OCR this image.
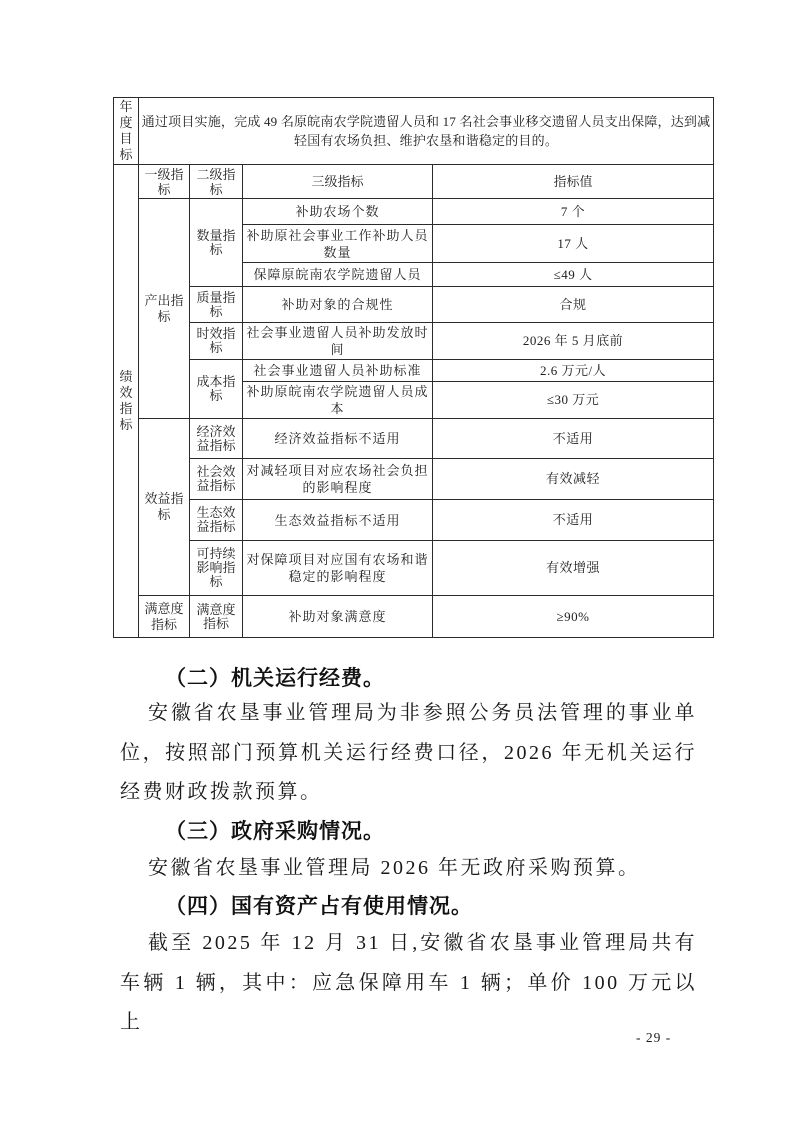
年度目标	通过项目实施，完成 49 名原皖南农学院遗留人员和 17 名社会事业移交遗留人员支出保障，达到减轻国有农场负担、维护农垦和谐稳定的目的。			
绩效指标	一级指标	二级指标	三级指标	指标值
	产出指标	数量指标	补助农场个数	7 个
			补助原社会事业工作补助人员数量	17 人
			保障原皖南农学院遗留人员	≤49 人
		质量指标	补助对象的合规性	合规
		时效指标	社会事业遗留人员补助发放时间	2026 年 5 月底前
		成本指标	社会事业遗留人员补助标准	2.6 万元/人
			补助原皖南农学院遗留人员成本	≤30 万元
	效益指标	经济效益指标	经济效益指标不适用	不适用
		社会效益指标	对减轻项目对应农场社会负担的影响程度	有效减轻
		生态效益指标	生态效益指标不适用	不适用
		可持续影响指标	对保障项目对应国有农场和谐稳定的影响程度	有效增强
	满意度指标	满意度指标	补助对象满意度	≥90%
（二）机关运行经费。
安徽省农垦事业管理局为非参照公务员法管理的事业单位，按照部门预算机关运行经费口径，2026 年无机关运行经费财政拨款预算。
（三）政府采购情况。
安徽省农垦事业管理局 2026 年无政府采购预算。
（四）国有资产占有使用情况。
截至 2025 年 12 月 31 日,安徽省农垦事业管理局共有车辆 1 辆，其中：应急保障用车 1 辆；单价 100 万元以上
- 29 -
